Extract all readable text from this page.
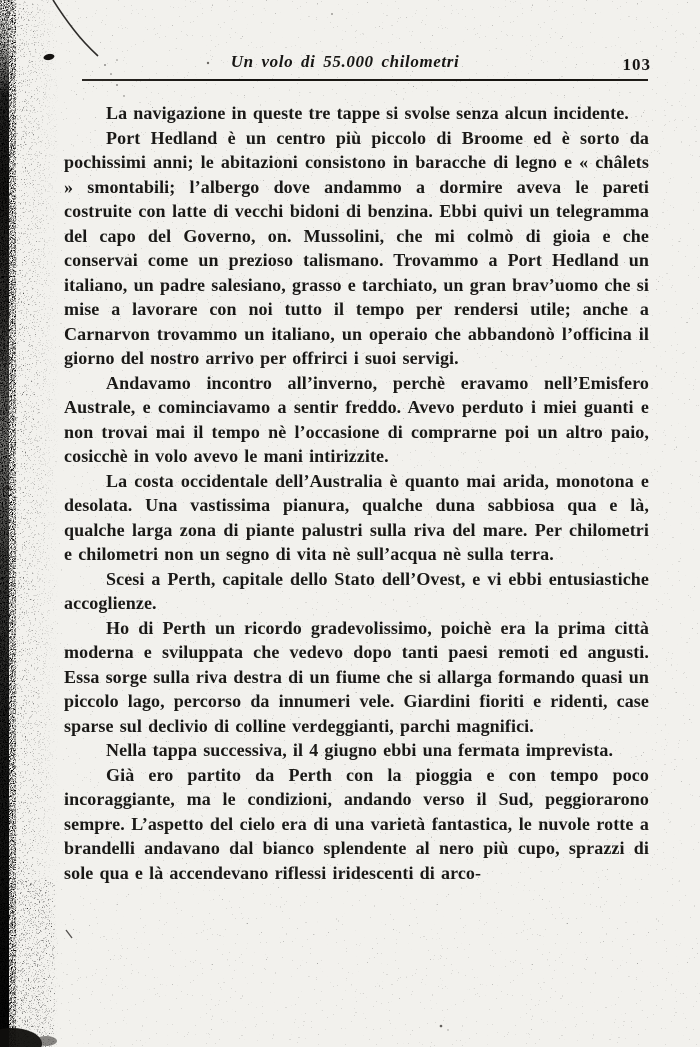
Un volo di 55.000 chilometri	103

La navigazione in queste tre tappe si svolse senza alcun incidente.

Port Hedland è un centro più piccolo di Broome ed è sorto da pochissimi anni; le abitazioni consistono in baracche di legno e « châlets » smontabili; l’albergo dove andammo a dormire aveva le pareti costruite con latte di vecchi bidoni di benzina. Ebbi quivi un telegramma del capo del Governo, on. Mussolini, che mi colmò di gioia e che conservai come un prezioso talismano. Trovammo a Port Hedland un italiano, un padre salesiano, grasso e tarchiato, un gran brav’uomo che si mise a lavorare con noi tutto il tempo per rendersi utile; anche a Carnarvon trovammo un italiano, un operaio che abbandonò l’officina il giorno del nostro arrivo per offrirci i suoi servigi.

Andavamo incontro all’inverno, perchè eravamo nell’Emisfero Australe, e cominciavamo a sentir freddo. Avevo perduto i miei guanti e non trovai mai il tempo nè l’occasione di comprarne poi un altro paio, cosicchè in volo avevo le mani intirizzite.

La costa occidentale dell’Australia è quanto mai arida, monotona e desolata. Una vastissima pianura, qualche duna sabbiosa qua e là, qualche larga zona di piante palustri sulla riva del mare. Per chilometri e chilometri non un segno di vita nè sull’acqua nè sulla terra.

Scesi a Perth, capitale dello Stato dell’Ovest, e vi ebbi entusiastiche accoglienze.

Ho di Perth un ricordo gradevolissimo, poichè era la prima città moderna e sviluppata che vedevo dopo tanti paesi remoti ed angusti. Essa sorge sulla riva destra di un fiume che si allarga formando quasi un piccolo lago, percorso da innumeri vele. Giardini fioriti e ridenti, case sparse sul declivio di colline verdeggianti, parchi magnifici.

Nella tappa successiva, il 4 giugno ebbi una fermata imprevista.

Già ero partito da Perth con la pioggia e con tempo poco incoraggiante, ma le condizioni, andando verso il Sud, peggiorarono sempre. L’aspetto del cielo era di una varietà fantastica, le nuvole rotte a brandelli andavano dal bianco splendente al nero più cupo, sprazzi di sole qua e là accendevano riflessi iridescenti di arco-
